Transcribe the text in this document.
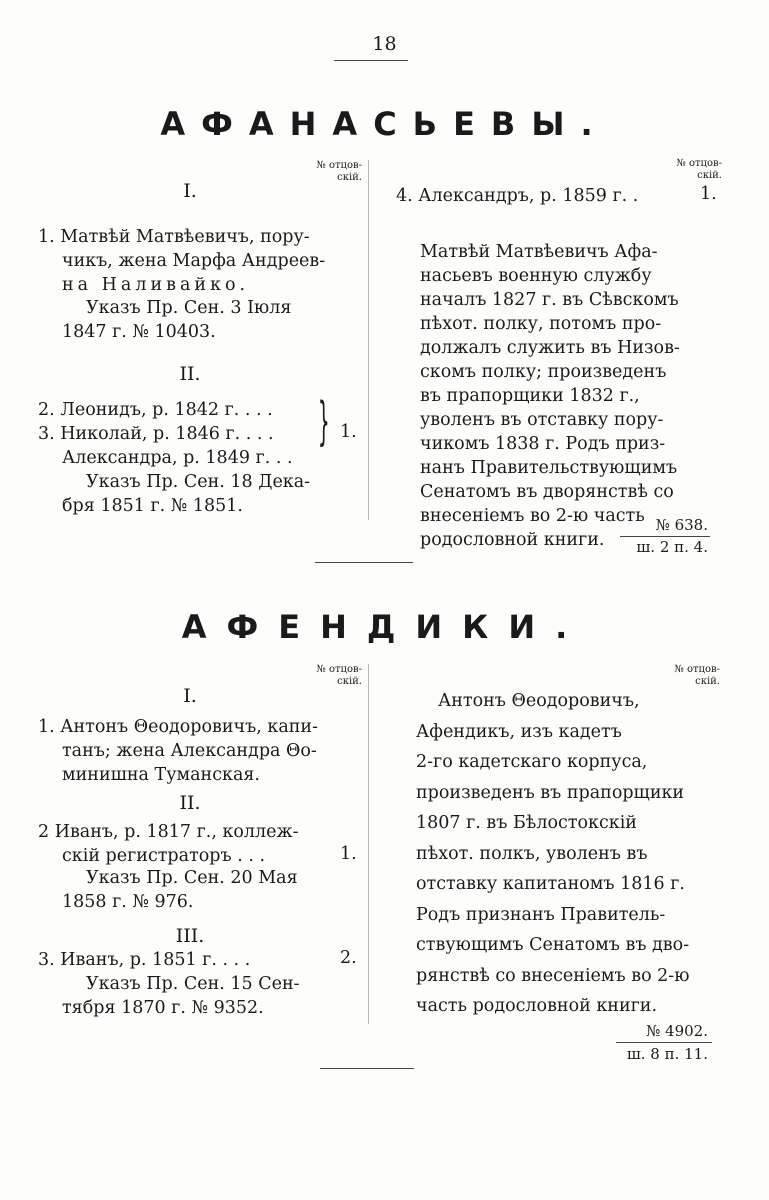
18
АФАНАСЬЕВЫ.
№ отцов-
скій.
№ отцов-
скій.
I.
1. Матвѣй Матвѣевичъ, пору-
чикъ, жена Марфа Андреев-
на Наливайко.
Указъ Пр. Сен. 3 Іюля
1847 г. № 10403.
II.
2. Леонидъ, р. 1842 г. . . .
3. Николай, р. 1846 г. . . .
Александра, р. 1849 г. . .
} 1.
Указъ Пр. Сен. 18 Дека-
бря 1851 г. № 1851.
4. Александръ, р. 1859 г. .	1.
Матвѣй Матвѣевичъ Афа-
насьевъ военную службу
началъ 1827 г. въ Сѣвскомъ
пѣхот. полку, потомъ про-
должалъ служить въ Низов-
скомъ полку; произведенъ
въ прапорщики 1832 г.,
уволенъ въ отставку пору-
чикомъ 1838 г. Родъ приз-
нанъ Правительствующимъ
Сенатомъ въ дворянствѣ со
внесеніемъ во 2-ю часть
родословной книги.
№ 638.
ш. 2 п. 4.
АФЕНДИКИ.
№ отцов-
скій.
№ отцов-
скій.
I.
1. Антонъ Θеодоровичъ, капи-
танъ; жена Александра Θо-
минишна Туманская.
II.
2 Иванъ, р. 1817 г., коллеж-
скій регистраторъ . . .	1.
Указъ Пр. Сен. 20 Мая
1858 г. № 976.
III.
3. Иванъ, р. 1851 г. . . .	2.
Указъ Пр. Сен. 15 Сен-
тября 1870 г. № 9352.
Антонъ Θеодоровичъ,
Афендикъ, изъ кадетъ
2-го кадетскаго корпуса,
произведенъ въ прапорщики
1807 г. въ Бѣлостокскій
пѣхот. полкъ, уволенъ въ
отставку капитаномъ 1816 г.
Родъ признанъ Правитель-
ствующимъ Сенатомъ въ дво-
рянствѣ со внесеніемъ во 2-ю
часть родословной книги.
№ 4902.
ш. 8 п. 11.
